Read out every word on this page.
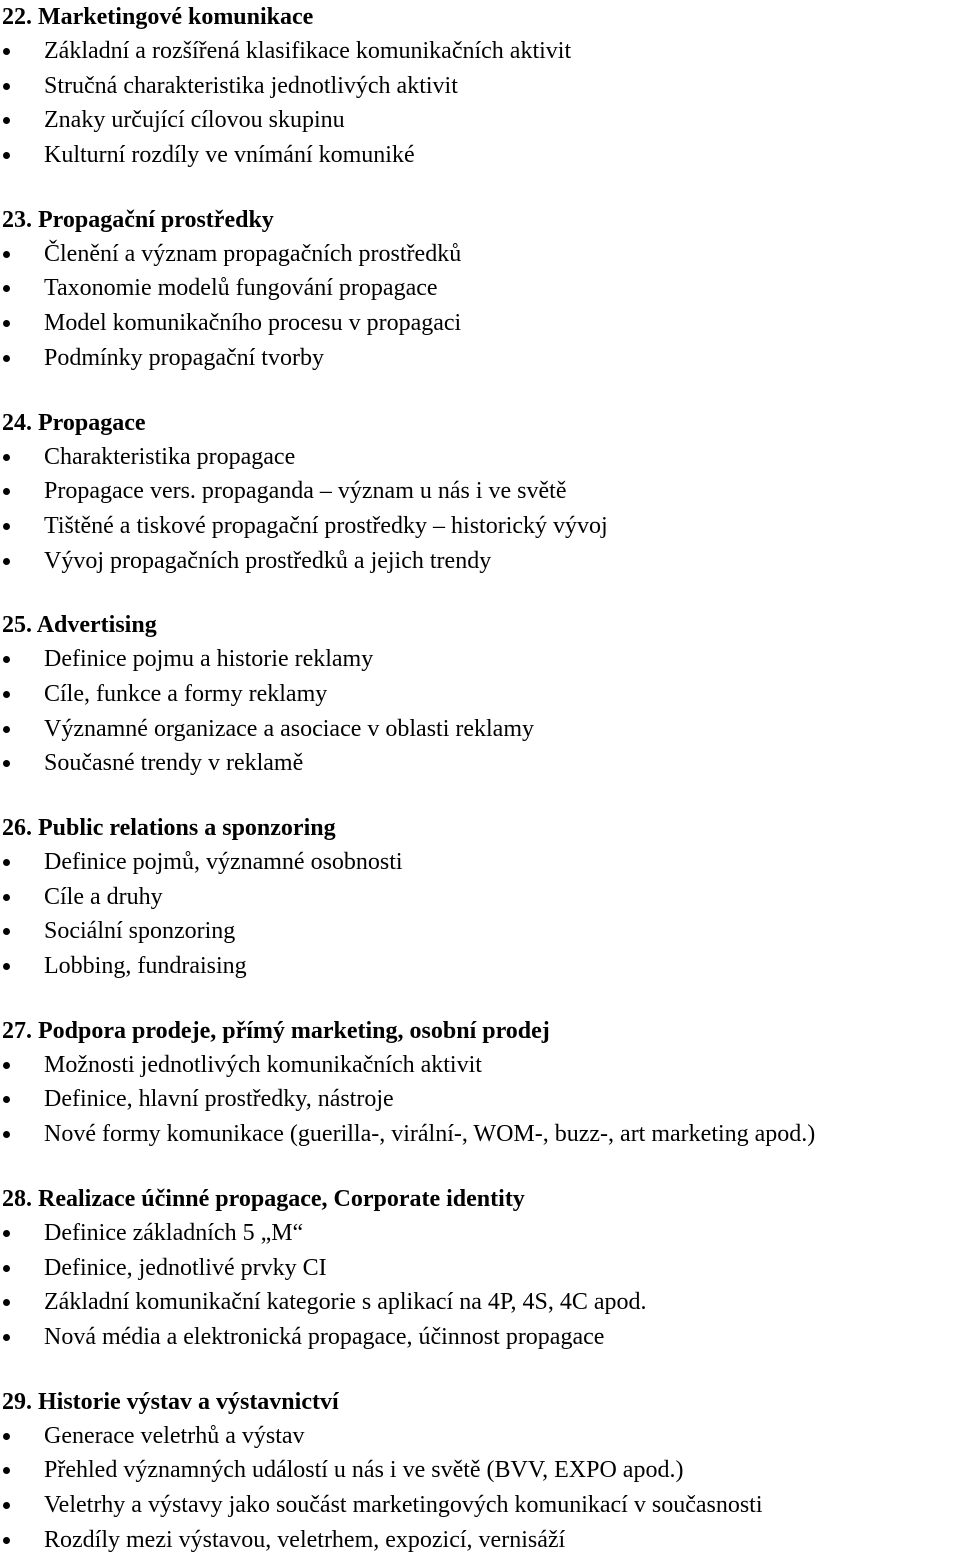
22. Marketingové komunikace
Základní a rozšířená klasifikace komunikačních aktivit
Stručná charakteristika jednotlivých aktivit
Znaky určující cílovou skupinu
Kulturní rozdíly ve vnímání komuniké
23. Propagační prostředky
Členění a význam propagačních prostředků
Taxonomie modelů fungování propagace
Model komunikačního procesu v propagaci
Podmínky propagační tvorby
24. Propagace
Charakteristika propagace
Propagace vers. propaganda – význam u nás i ve světě
Tištěné a tiskové propagační prostředky – historický vývoj
Vývoj propagačních prostředků a jejich trendy
25. Advertising
Definice pojmu a historie reklamy
Cíle, funkce a formy reklamy
Významné organizace a asociace v oblasti reklamy
Současné trendy v reklamě
26. Public relations a sponzoring
Definice pojmů, významné osobnosti
Cíle a druhy
Sociální sponzoring
Lobbing, fundraising
27. Podpora prodeje, přímý marketing, osobní prodej
Možnosti jednotlivých komunikačních aktivit
Definice, hlavní prostředky, nástroje
Nové formy komunikace (guerilla-, virální-, WOM-, buzz-, art marketing apod.)
28. Realizace účinné propagace, Corporate identity
Definice základních 5 „M“
Definice, jednotlivé prvky CI
Základní komunikační kategorie s aplikací na 4P, 4S, 4C apod.
Nová média a elektronická propagace, účinnost propagace
29. Historie výstav a výstavnictví
Generace veletrhů a výstav
Přehled významných událostí u nás i ve světě (BVV, EXPO apod.)
Veletrhy a výstavy jako součást marketingových komunikací v současnosti
Rozdíly mezi výstavou, veletrhem, expozicí, vernisáží
